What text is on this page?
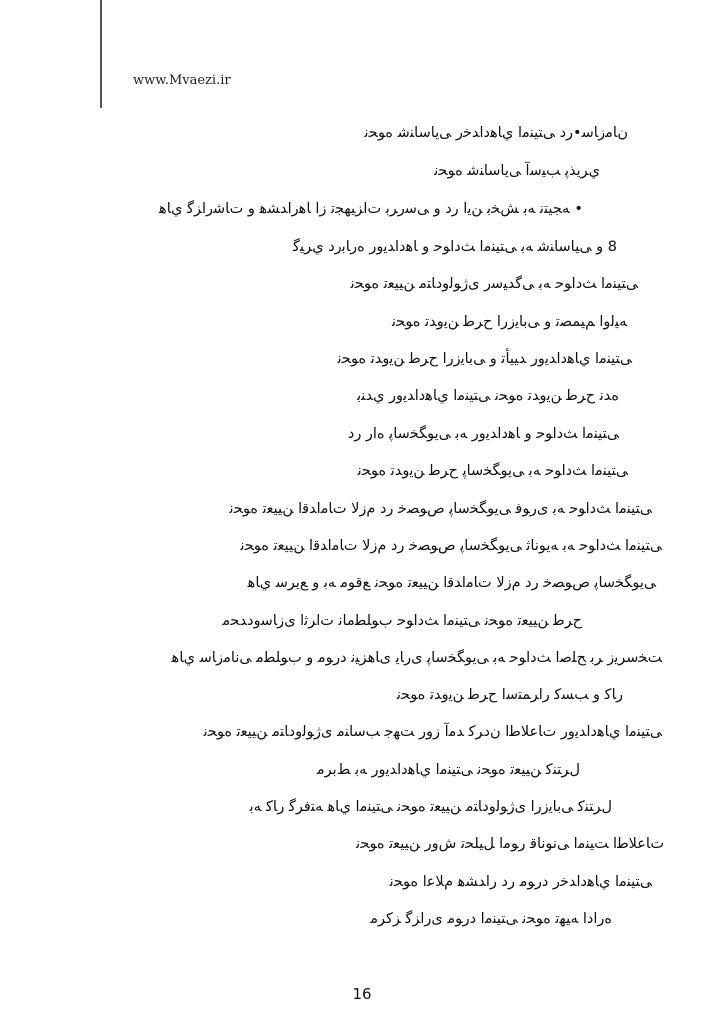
www.Mvaezi.ir
ﻥﺎﻣﺯﺎﺳ•ﺭﺩ ﯽﺘﯿﻨﻣﺍ ﻱﺎﻫﺩﺍﺪﺧﺭ ﯽﯾﺎﺳﺎﻨﺷ ﻩﻮﺤﻧ
ﻱﺮﯾﺬﭘ ﺐﯿﺳﺁ ﯽﯾﺎﺳﺎﻨﺷ ﻩﻮﺤﻧ
• ﻪﺠﯿﺘﻧ ﻪﺑ ﺶﺨﺑ ﻦﯾﺍ ﺭﺩ ﻭ ﯽﺳﺭﺮﺑ ﺕﺍﺰﯿﻬﺠﺗ ﺯﺍ ﺎﻫﺭﺍﺪﺸﻫ ﻭ ﺕﺎﺷﺭﺍﺰﮔ ﻱﺎﻫ
8 ﻭ ﯽﯿﺎﺳﺎﻨﺷ ﻪﺑ ﯽﺘﯿﻨﻣﺍ ﺚﺩﺍﻮﺣ ﻭ ﺎﻫﺩﺍﺪﯾﻭﺭ ﻩﺭﺎﺑﺭﺩ ﻱﺮﯿﮔ
ﯽﺘﯿﻨﻣﺍ ﺚﺩﺍﻮﺣ ﻪﺑ ﯽﮔﺪﯿﺳﺭ ﯼﮊﻮﻟﻭﺩﺎﺘﻣ ﻦﯿﯿﻌﺗ ﻩﻮﺤﻧ
ﻪﯿﻟﻭﺍ ﻢﯿﻤﺼﺗ ﻭ ﯽﺑﺎﯾﺯﺭﺍ ﺡﺮﻃ ﻦﯾﻭﺪﺗ ﻩﻮﺤﻧ
ﯽﺘﯿﻨﻣﺍ ﻱﺎﻫﺩﺍﺪﯾﻭﺭ ﺪﯿﯿﺄﺗ ﻭ ﯽﺑﺎﯾﺯﺭﺍ ﺡﺮﻃ ﻦﯾﻭﺪﺗ ﻩﻮﺤﻧ
ﻩﺪﻧ ﺡﺮﻃ ﻦﯾﻭﺪﺗ ﻩﻮﺤﻧ ﯽﺘﯿﻨﻣﺍ ﻱﺎﻫﺩﺍﺪﯾﻭﺭ ﻱﺪﻨﺑ
ﯽﺘﯿﻨﻣﺍ ﺚﺩﺍﻮﺣ ﻭ ﺎﻫﺩﺍﺪﯾﻭﺭ ﻪﺑ ﯽﯾﻮﮕﺨﺳﺎﭘ ﻩﺍﺭ ﺭﺩ
ﯽﺘﯿﻨﻣﺍ ﺚﺩﺍﻮﺣ ﻪﺑ ﯽﯾﻮﮕﺨﺳﺎﭘ ﺡﺮﻃ ﻦﯾﻭﺪﺗ ﻩﻮﺤﻧ
ﯽﺘﯿﻨﻣﺍ ﺚﺩﺍﻮﺣ ﻪﺑ ﯼﺭﻮﻓ ﯽﯾﻮﮕﺨﺳﺎﭘ ﺹﻮﺼﺧ ﺭﺩ ﻡﺯﻻ ﺕﺎﻣﺍﺪﻗﺍ ﻦﯿﯿﻌﺗ ﻩﻮﺤﻧ
ﯽﺘﯿﻨﻣﺍ ﺚﺩﺍﻮﺣ ﻪﺑ ﻪﯾﻮﻧﺎﺛ ﯽﯾﻮﮕﺨﺳﺎﭘ ﺹﻮﺼﺧ ﺭﺩ ﻡﺯﻻ ﺕﺎﻣﺍﺪﻗﺍ ﻦﯿﯿﻌﺗ ﻩﻮﺤﻧ
ﯽﯾﻮﮕﺨﺳﺎﭘ ﺹﻮﺼﺧ ﺭﺩ ﻡﺯﻻ ﺕﺎﻣﺍﺪﻗﺍ ﻦﯿﯿﻌﺗ ﻩﻮﺤﻧ ﻊﻗﻮﻣ ﻪﺑ ﻭ ﻊﯾﺮﺳ ﻱﺎﻫ
ﺡﺮﻃ ﻦﯿﯿﻌﺗ ﻩﻮﺤﻧ ﯽﺘﯿﻨﻣﺍ ﺚﺩﺍﻮﺣ ﺏﻮﻠﻄﻣﺎﻧ ﺕﺍﺮﺛﺍ ﯼﺯﺎﺳﻭﺩﺪﺤﻣ
ﺖﺨﺳﺮﯾﺯ ﺮﺑ ﺢﻠﺻﺍ ﺚﺩﺍﻮﺣ ﻪﺑ ﯽﯾﻮﮕﺨﺳﺎﭘ ﯼﺭﺎﯾ ﯼﺎﻫﺰﯿﻧ ﺩﺭﻮﻣ ﻭ ﺏﻮﻠﻄﻣ ﯽﻧﺎﻣﺯﺎﺳ ﻱﺎﻫ
ﺭﺎﮐ ﻭ ﺐﺴﮐ ﺭﺍﺮﻤﺘﺳﺍ ﺡﺮﻃ ﻦﯾﻭﺪﺗ ﻩﻮﺤﻧ
ﯽﺘﯿﻨﻣﺍ ﻱﺎﻫﺩﺍﺪﯾﻭﺭ ﺕﺎﻋﻼﻃﺍ ﻥﺩﺮﮐ ﺪﻣﺁ ﺯﻭﺭ ﺖﻬﺟ ﺐﺳﺎﻨﻣ ﯼﮊﻮﻟﻭﺩﺎﺘﻣ ﻦﯿﯿﻌﺗ ﻩﻮﺤﻧ
ﻝﺮﺘﻨﮐ ﻦﯿﯿﻌﺗ ﻩﻮﺤﻧ ﯽﺘﯿﻨﻣﺍ ﻱﺎﻫﺩﺍﺪﯾﻭﺭ ﻪﺑ ﻂﺑﺮﻣ
ﻝﺮﺘﻨﮐ ﯽﺑﺎﯾﺯﺭﺍ ﯼﮊﻮﻟﻭﺩﺎﺘﻣ ﻦﯿﯿﻌﺗ ﻩﻮﺤﻧ ﯽﺘﯿﻨﻣﺍ ﻱﺎﻫ ﻪﺘﻓﺮﮔ ﺭﺎﮐ ﻪﺑ
ﺕﺎﻋﻼﻃﺍ ﺖﯿﻨﻣﺍ ﯽﻧﻮﻧﺎﻗ ﺭﻮﻣﺍ ﻞﯿﻠﺤﺗ ﺵﻭﺭ ﻦﯿﯿﻌﺗ ﻩﻮﺤﻧ
ﯽﺘﯿﻨﻣﺍ ﻱﺎﻫﺩﺍﺪﺧﺭ ﺩﺭﻮﻣ ﺭﺩ ﺭﺍﺪﺸﻫ ﻡﻼﻋﺍ ﻩﻮﺤﻧ
ﻩﺭﺍﺩﺍ ﻪﯿﻬﺗ ﻩﻮﺤﻧ ﯽﺘﯿﻨﻣﺍ ﺩﺭﻮﻣ ﯼﺭﺍﺰﮔ ﺰﮐﺮﻣ
16
